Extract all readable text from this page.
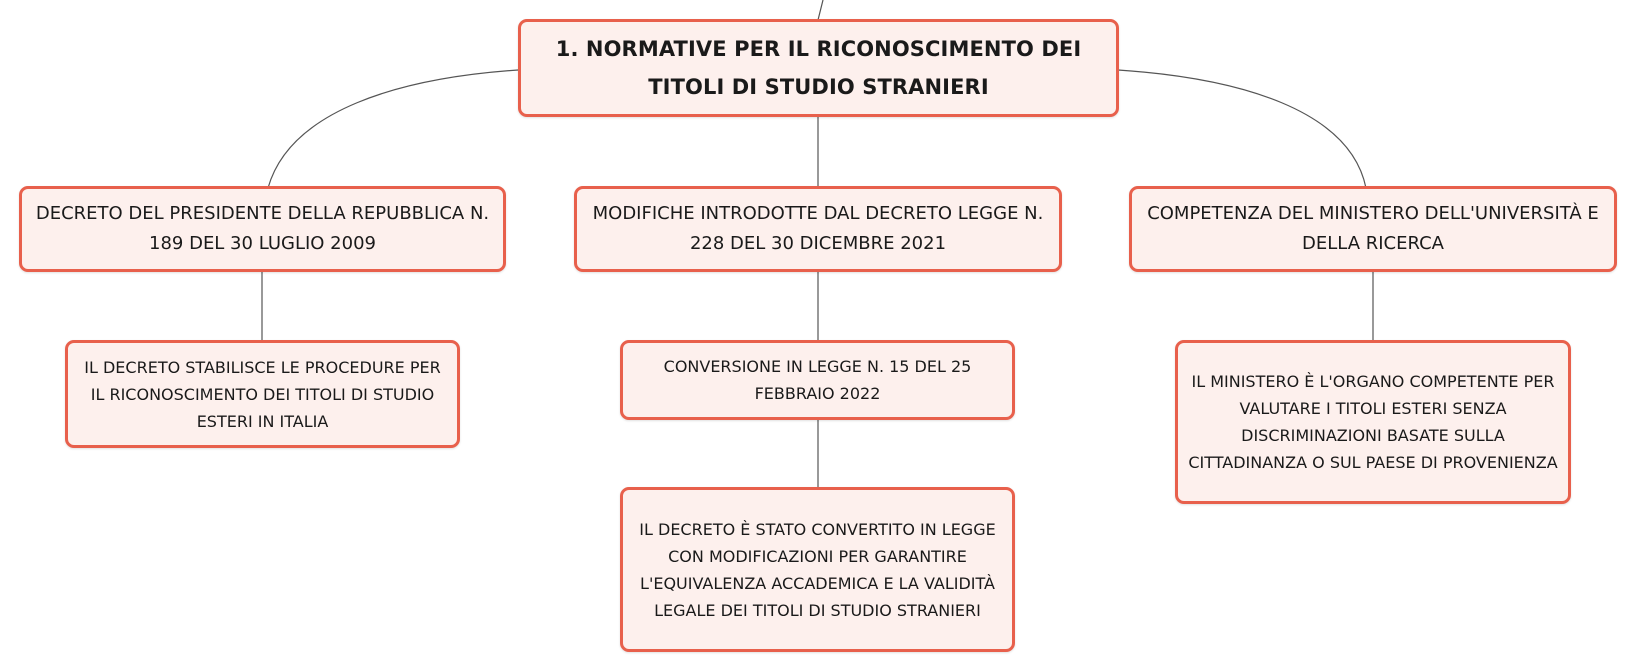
1. NORMATIVE PER IL RICONOSCIMENTO DEI TITOLI DI STUDIO STRANIERI
DECRETO DEL PRESIDENTE DELLA REPUBBLICA N. 189 DEL 30 LUGLIO 2009
MODIFICHE INTRODOTTE DAL DECRETO LEGGE N. 228 DEL 30 DICEMBRE 2021
COMPETENZA DEL MINISTERO DELL'UNIVERSITÀ E DELLA RICERCA
IL DECRETO STABILISCE LE PROCEDURE PER IL RICONOSCIMENTO DEI TITOLI DI STUDIO ESTERI IN ITALIA
CONVERSIONE IN LEGGE N. 15 DEL 25 FEBBRAIO 2022
IL DECRETO È STATO CONVERTITO IN LEGGE CON MODIFICAZIONI PER GARANTIRE L'EQUIVALENZA ACCADEMICA E LA VALIDITÀ LEGALE DEI TITOLI DI STUDIO STRANIERI
IL MINISTERO È L'ORGANO COMPETENTE PER VALUTARE I TITOLI ESTERI SENZA DISCRIMINAZIONI BASATE SULLA CITTADINANZA O SUL PAESE DI PROVENIENZA
